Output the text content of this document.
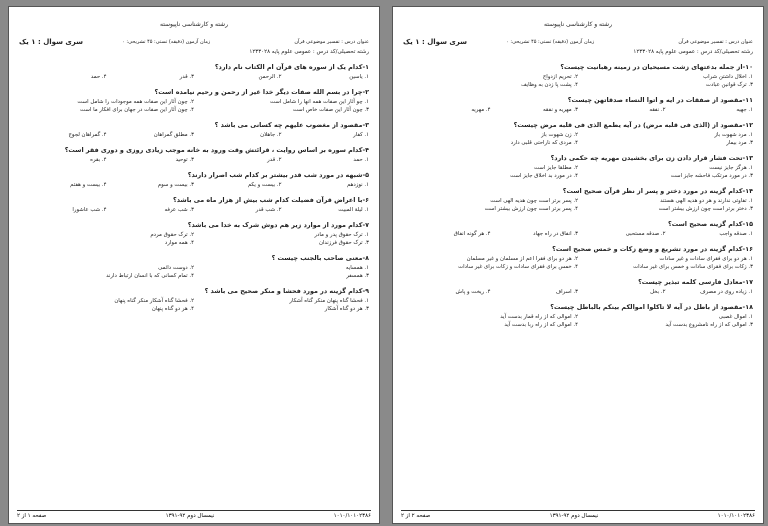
رشته و کارشناسی ناپیوسته
عنوان درس : تفسیر موضوعی قرآن
رشته تحصیلی/کد درس : عمومی علوم پایه ۱۲۳۳۰۲۸
زمان آزمون (دقیقه) تستی: ۴۵ تشریحی: ۰
سری سوال : ۱ یک
۱-کدام یک از سوره های قرآن ام الکتاب نام دارد؟
۱. یاسین
۲. الرحمن
۳. قدر
۴. حمد
۲-چرا در بسم الله صفات دیگر خدا غیر از رحمن و رحیم نیامده است؟
۱. چو آثار این صفات همه انها را شامل است
۲. چون آثار این صفات همه موجودات را شامل است
۳. چون آثار این صفات خاص است
۴. چون آثار این صفات در جهان برای افکار ما است
۳-مقصود از مغضوب علیهم چه کسانی می باشد ؟
۱. کفار
۲. جاهلان
۳. مطلق گمراهان
۴. گمراهان لجوج
۴-کدام سوره بر اساس روایت ، قرائتش وقت ورود به خانه موجب زیادی روزی و دوری فقر است؟
۱. حمد
۲. قدر
۳. توحید
۴. بقره
۵-شبهه در مورد شب قدر بیشتر بر کدام شب اصرار دارند؟
۱. نوزدهم
۲. بیست و یکم
۳. بیست و سوم
۴. بیست و هفتم
۶-با اعراض قرآن فضیلت کدام شب بیش از هزار ماه می باشد؟
۱. لیلة المبیت
۲. شب قدر
۳. شب عرفه
۴. شب عاشورا
۷-کدام مورد از موارد زیر هم دوش شرک به خدا می باشد؟
۱. ترک حقوق پدر و مادر
۲. ترک حقوق مردم
۳. ترک حقوق فرزندان
۴. همه موارد
۸-معنی صاحب بالجنب چیست ؟
۱. همسایه
۲. دوست دائمی
۳. همسفر
۴. تمام کسانی که با انسان ارتباط دارند
۹-کدام گزینه در مورد فحشا و منکر صحیح می باشد ؟
۱. فحشا گناه پنهان منکر گناه آشکار
۲. فحشا گناه آشکار منکر گناه پنهان
۳. هر دو گناه آشکار
۴. هر دو گناه پنهان
صفحه ۱ از ۲	نیمسال دوم ۹۲-۱۳۹۱	۱۰۱۰/۱۰۱۰۲۳۸۶
رشته و کارشناسی ناپیوسته
عنوان درس : تفسیر موضوعی قرآن
رشته تحصیلی/کد درس : عمومی علوم پایه ۱۲۳۳۰۲۸
زمان آزمون (دقیقه) تستی: ۴۵ تشریحی: ۰
سری سوال : ۱ یک
۱۰-از جمله بدعتهای زشت مسیحیان در زمینه رهبانیت چیست؟
۱. اخلال داشتن شراب
۲. تحریم ازدواج
۳. ترک قوانین عبادت
۴. پشت پا زدن به وظایف
۱۱-مقصود از صفقات در ایه و اتوا النساء صدقاتهن چیست؟
۱. جهیه
۲. نفقه
۳. مهریه و نفقه
۴. مهریه
۱۲-مقصود از (الذی فی قلبه مرض) در آیه یطمع الذی فی قلبه مرض چیست؟
۱. مرد شهوت باز
۲. زن شهوت باز
۳. مرد بیمار
۴. مردی که ناراحتی قلبی دارد
۱۳-تحت فشار قرار دادن زن برای بخشیدن مهریه چه حکمی دارد؟
۱. هرگز جایز نیست
۲. مطلقا جایز است
۳. در مورد مرتکب فاحشه جایز است
۴. در مورد بد اخلاق جایز است
۱۴-کدام گزینه در مورد دختر و پسر از نظر قرآن صحیح است؟
۱. تفاوتی ندارند و هر دو هدیه الهی هستند
۲. پسر برتر است چون هدیه الهی است
۳. دختر برتر است چون ارزش بیشتر است
۴. پسر برتر است چون ارزش بیشتر است
۱۵-کدام گزینه صحیح است؟
۱. صدقه واجب
۲. صدقه مستحبی
۳. انفاق در راه جهاد
۴. هر گونه انفاق
۱۶-کدام گزینه در مورد تشریع و وضع زکات و خمس صحیح است؟
۱. هر دو برای فقرای سادات و غیر سادات
۲. هر دو برای فقرا اعم از مسلمان و غیر مسلمان
۳. زکات برای فقرای سادات و خمس برای غیر سادات
۴. خمس برای فقرای سادات و زکات برای غیر سادات
۱۷-معادل فارسی کلمه تبذیر چیست؟
۱. زیاده روی در مصرف
۲. بخل
۳. اسراف
۴. ریخت و پاش
۱۸-مقصود از باطل در آیه لا تاکلوا اموالکم بینکم بالباطل چیست؟
۱. اموال غصبی
۲. اموالی که از راه قمار بدست آید
۳. اموالی که از راه نامشروع بدست آید
۴. اموالی که از راه ربا بدست آید
صفحه ۲ از ۲	نیمسال دوم ۹۲-۱۳۹۱	۱۰۱۰/۱۰۱۰۲۳۸۶
